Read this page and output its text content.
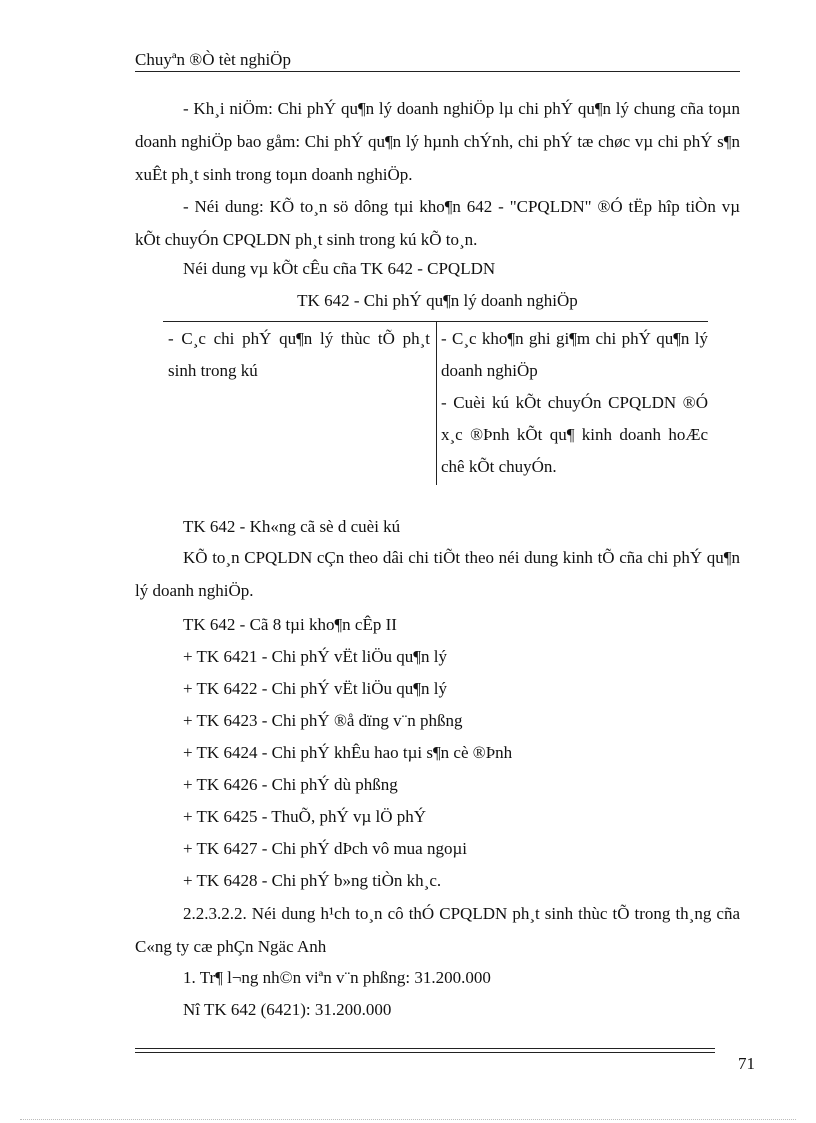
Chuyªn ®Ò tèt nghiÖp
- Kh¸i niÖm: Chi phÝ qu¶n lý doanh nghiÖp lµ chi phÝ qu¶n lý chung cña toµn doanh nghiÖp bao gåm: Chi phÝ qu¶n lý hµnh chÝnh, chi phÝ tæ chøc vµ chi phÝ s¶n xuÊt ph¸t sinh trong toµn doanh nghiÖp.
- Néi dung: KÕ to¸n sö dông tµi kho¶n 642 - "CPQLDN" ®Ó tËp hîp tiÒn vµ kÕt chuyÓn CPQLDN ph¸t sinh trong kú kÕ to¸n.
Néi dung vµ kÕt cÊu cña TK 642 - CPQLDN
TK 642 - Chi phÝ qu¶n lý doanh nghiÖp
- C¸c chi phÝ qu¶n lý thùc tÕ ph¸t sinh trong kú
- C¸c kho¶n ghi gi¶m chi phÝ qu¶n lý doanh nghiÖp
- Cuèi kú kÕt chuyÓn CPQLDN ®Ó x¸c ®Þnh kÕt qu¶ kinh doanh hoÆc chê kÕt chuyÓn.
TK 642 - Kh«ng cã sè d cuèi kú
KÕ to¸n CPQLDN cÇn theo dâi chi tiÕt theo néi dung kinh tÕ cña chi phÝ qu¶n lý doanh nghiÖp.
TK 642 - Cã 8 tµi kho¶n cÊp II
+ TK 6421 - Chi phÝ vËt liÖu qu¶n lý
+ TK 6422 - Chi phÝ vËt liÖu qu¶n lý
+ TK 6423 - Chi phÝ ®å dïng v¨n phßng
+ TK 6424 - Chi phÝ khÊu hao tµi s¶n cè ®Þnh
+ TK 6426 - Chi phÝ dù phßng
+ TK 6425 - ThuÕ, phÝ vµ lÖ phÝ
+ TK 6427 - Chi phÝ dÞch vô mua ngoµi
+ TK 6428 - Chi phÝ b»ng tiÒn kh¸c.
2.2.3.2.2. Néi dung h¹ch to¸n cô thÓ CPQLDN ph¸t sinh thùc tÕ trong th¸ng cña C«ng ty cæ phÇn Ngäc Anh
1. Tr¶ l¬ng nh©n viªn v¨n phßng: 31.200.000
Nî TK 642 (6421): 31.200.000
71
